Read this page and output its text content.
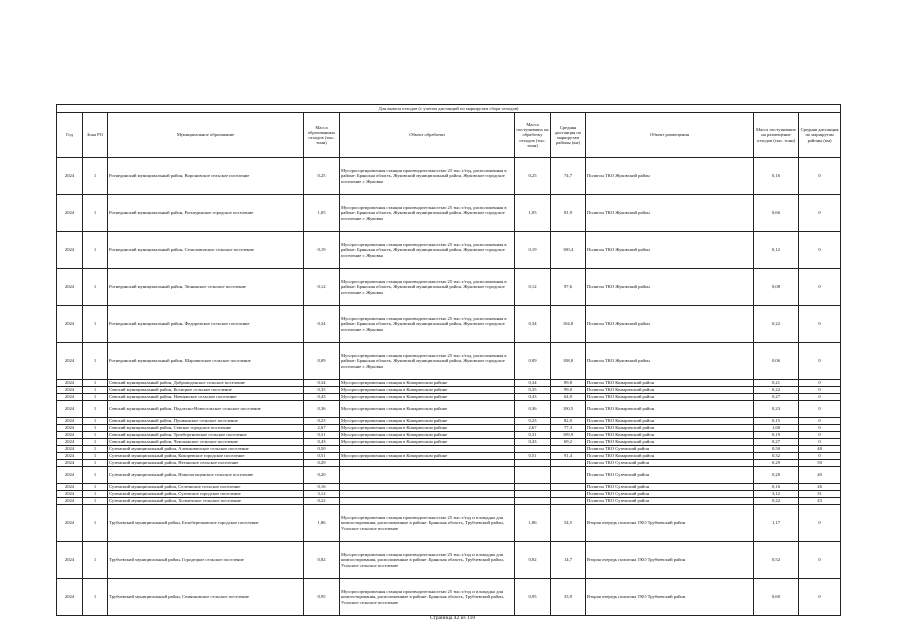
Для вывоза отходов (с учетом дистанций по маршрутам сбора отходов)									
Год	Зона РО	Муниципальное образование	Масса образованных отходов (тыс. тонн)	Объект обработки	Масса поступивших на обработку отходов (тыс. тонн)	Средняя дистанция по маршрутам районы (км)	Объект размещения	Масса поступивших на размещение отходов (тыс. тонн)	Средняя дистанция по маршрутам районы (км)
2024	1	Рогнединский муниципальный район, Вороновское сельское поселение	0,25	Мусоросортировочная станция производительностью 25 тыс.т/год, расположенная в районе: Брянская область, Жуковский муниципальный район, Жуковское городское поселение г. Жуковка	0,25	74,7	Полигон ТКО Жуковский район	0,16	0
2024	1	Рогнединский муниципальный район, Рогнединское городское поселение	1,05	Мусоросортировочная станция производительностью 25 тыс.т/год, расположенная в районе: Брянская область, Жуковский муниципальный район, Жуковское городское поселение г. Жуковка	1,05	81,9	Полигон ТКО Жуковский район	0,66	0
2024	1	Рогнединский муниципальный район, Селиловичское сельское поселение	0,19	Мусоросортировочная станция производительностью 25 тыс.т/год, расположенная в районе: Брянская область, Жуковский муниципальный район, Жуковское городское поселение г. Жуковка	0,19	100,4	Полигон ТКО Жуковский район	0,12	0
2024	1	Рогнединский муниципальный район, Тюнинское сельское поселение	0,12	Мусоросортировочная станция производительностью 25 тыс.т/год, расположенная в районе: Брянская область, Жуковский муниципальный район, Жуковское городское поселение г. Жуковка	0,12	97,6	Полигон ТКО Жуковский район	0,08	0
2024	1	Рогнединский муниципальный район, Федоровское сельское поселение	0,34	Мусоросортировочная станция производительностью 25 тыс.т/год, расположенная в районе: Брянская область, Жуковский муниципальный район, Жуковское городское поселение г. Жуковка	0,34	104,8	Полигон ТКО Жуковский район	0,22	0
2024	1	Рогнединский муниципальный район, Шаровичское сельское поселение	0,09	Мусоросортировочная станция производительностью 25 тыс.т/год, расположенная в районе: Брянская область, Жуковский муниципальный район, Жуковское городское поселение г. Жуковка	0,09	108,0	Полигон ТКО Жуковский район	0,06	0
2024	1	Севский муниципальный район, Доброводенское сельское поселение	0,34	Мусоросортировочная станция в Комаричском районе	0,34	89,8	Полигон ТКО Комаричский район	0,21	0
2024	1	Севский муниципальный район, Косицкое сельское поселение	0,35	Мусоросортировочная станция в Комаричском районе	0,35	99,0	Полигон ТКО Комаричский район	0,22	0
2024	1	Севский муниципальный район, Новоямское сельское поселение	0,43	Мусоросортировочная станция в Комаричском районе	0,43	64,9	Полигон ТКО Комаричский район	0,27	0
2024	1	Севский муниципальный район, Подлесно-Новосельское сельское поселение	0,36	Мусоросортировочная станция в Комаричском районе	0,36	100,5	Полигон ТКО Комаричский район	0,23	0
2024	1	Севский муниципальный район, Пушкинское сельское поселение	0,23	Мусоросортировочная станция в Комаричском районе	0,23	82,0	Полигон ТКО Комаричский район	0,15	0
2024	1	Севский муниципальный район, Севское городское поселение	2,67	Мусоросортировочная станция в Комаричском районе	2,67	77,3	Полигон ТКО Комаричский район	1,68	0
2024	1	Севский муниципальный район, Троебортновское сельское поселение	0,31	Мусоросортировочная станция в Комаричском районе	0,31	109,9	Полигон ТКО Комаричский район	0,19	0
2024	1	Севский муниципальный район, Чемлыжское сельское поселение	0,43	Мусоросортировочная станция в Комаричском районе	0,43	69,2	Полигон ТКО Комаричский район	0,27	0
2024	1	Суземский муниципальный район, Алешковичское сельское поселение	0,50				Полигон ТКО Суземский район	0,50	48
2024	1	Суземский муниципальный район, Кокоревское городское поселение	0,51	Мусоросортировочная станция в Комаричском районе	0,51	91,4	Полигон ТКО Комаричский район	0,32	0
2024	1	Суземский муниципальный район, Негинское сельское поселение	0,29				Полигон ТКО Суземский район	0,29	50
2024	1	Суземский муниципальный район, Новопогощенское сельское поселение	0,20				Полигон ТКО Суземский район	0,20	40
2024	1	Суземский муниципальный район, Селечнское сельское поселение	0,16				Полигон ТКО Суземский район	0,16	26
2024	1	Суземский муниципальный район, Суземское городское поселение	3,12				Полигон ТКО Суземский район	3,12	31
2024	1	Суземский муниципальный район, Холмечское сельское поселение	0,22				Полигон ТКО Суземский район	0,22	43
2024	1	Трубчевский муниципальный район, Белоберезковское городское поселение	1,86	Мусоросортировочная станция производительностью 25 тыс.т/год и площадка для компостирования, расположенные в районе: Брянская область, Трубчевский район, Усохское сельское поселение	1,86	54,5	Вторая очередь полигона ТКО Трубчевский район	1,17	0
2024	1	Трубчевский муниципальный район, Городецкое сельское поселение	0,82	Мусоросортировочная станция производительностью 25 тыс.т/год и площадка для компостирования, расположенные в районе: Брянская область, Трубчевский район, Усохское сельское поселение	0,82	14,7	Вторая очередь полигона ТКО Трубчевский район	0,52	0
2024	1	Трубчевский муниципальный район, Семячковское сельское поселение	0,95	Мусоросортировочная станция производительностью 25 тыс.т/год и площадка для компостирования, расположенные в районе: Брянская область, Трубчевский район, Усохское сельское поселение	0,95	33,9	Вторая очередь полигона ТКО Трубчевский район	0,60	0
Страница 42 из 110
